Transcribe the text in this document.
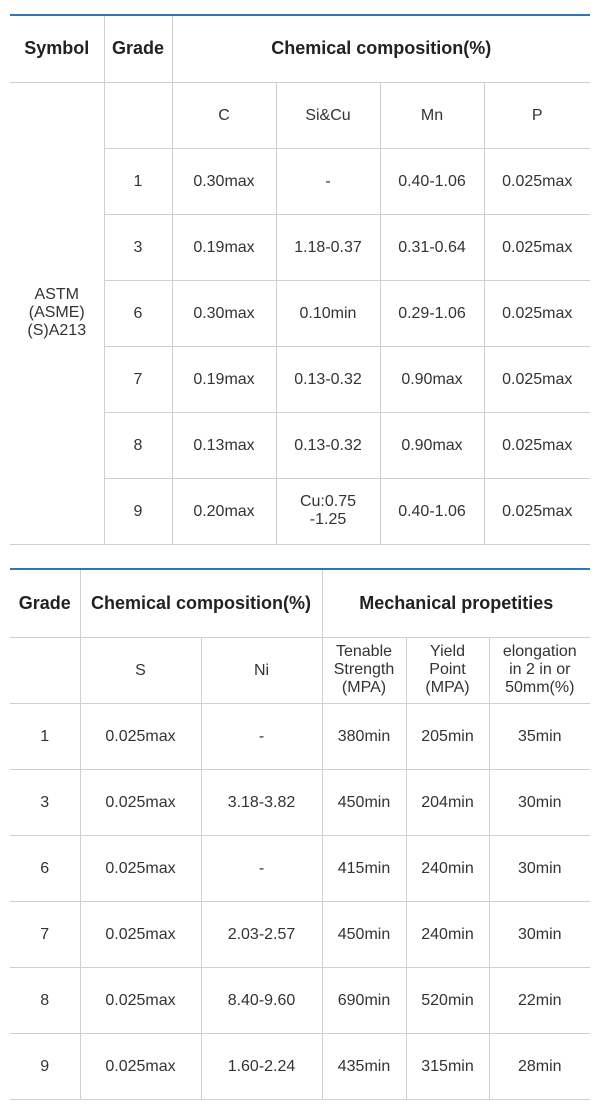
Symbol	Grade	Chemical composition(%)			
ASTM
(ASME)
(S)A213		C	Si&Cu	Mn	P
	1	0.30max	-	0.40-1.06	0.025max
	3	0.19max	1.18-0.37	0.31-0.64	0.025max
	6	0.30max	0.10min	0.29-1.06	0.025max
	7	0.19max	0.13-0.32	0.90max	0.025max
	8	0.13max	0.13-0.32	0.90max	0.025max
	9	0.20max	Cu:0.75
-1.25	0.40-1.06	0.025max
Grade	Chemical composition(%)		Mechanical propetities		
	S	Ni	Tenable
Strength
(MPA)	Yield
Point
(MPA)	elongation
in 2 in or
50mm(%)
1	0.025max	-	380min	205min	35min
3	0.025max	3.18-3.82	450min	204min	30min
6	0.025max	-	415min	240min	30min
7	0.025max	2.03-2.57	450min	240min	30min
8	0.025max	8.40-9.60	690min	520min	22min
9	0.025max	1.60-2.24	435min	315min	28min
